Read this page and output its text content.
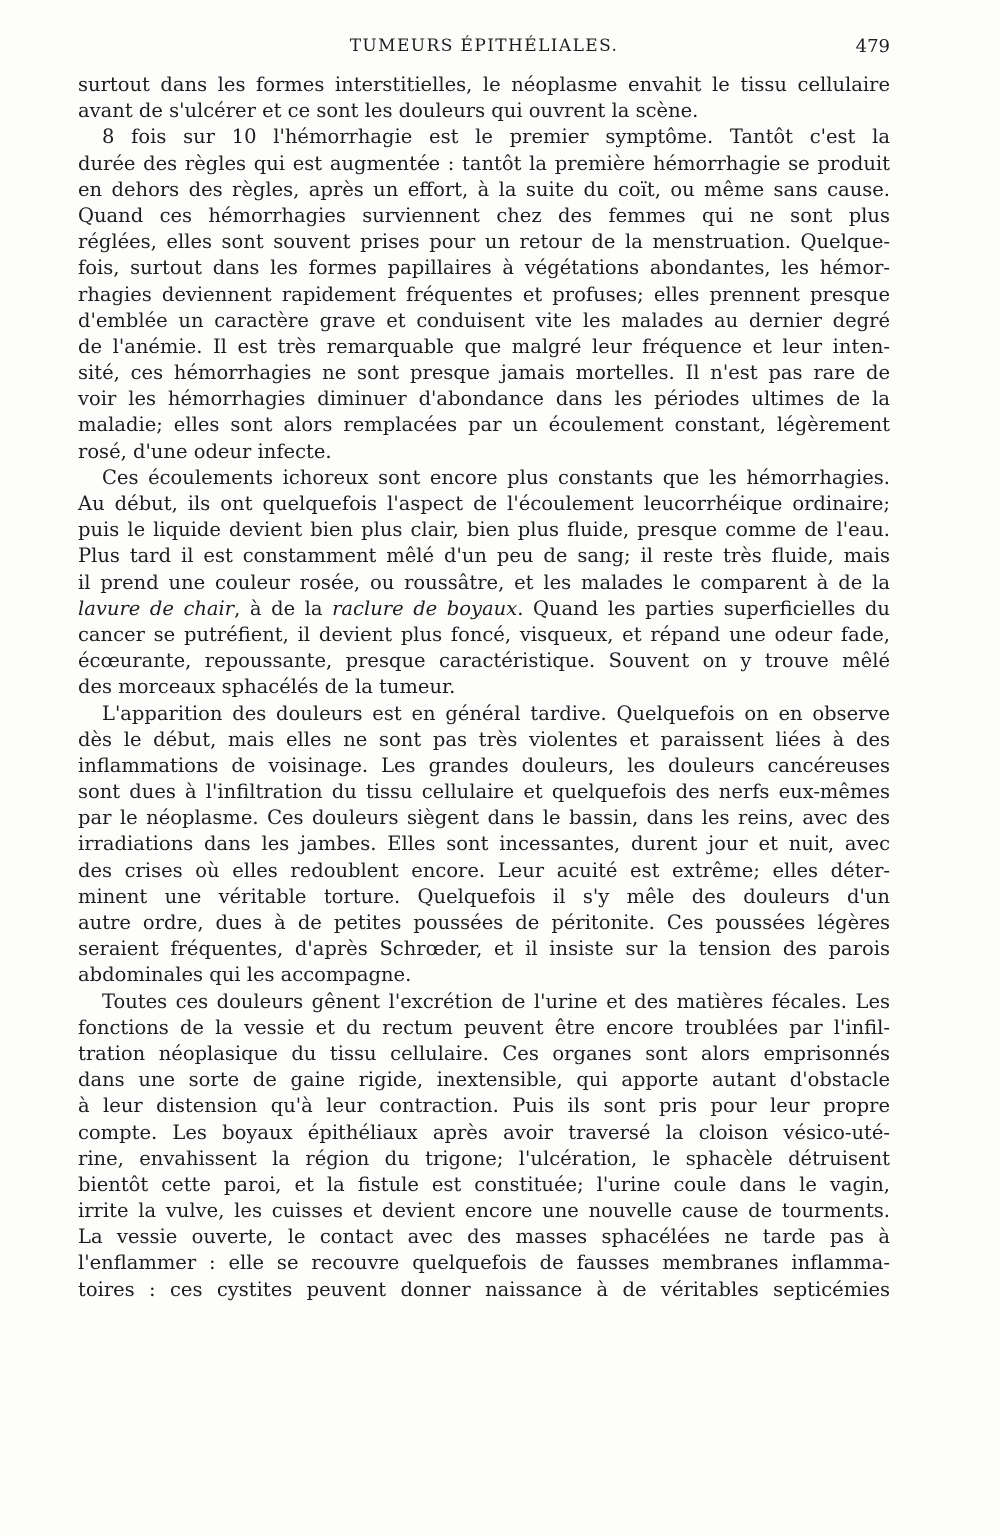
TUMEURS ÉPITHÉLIALES.	479
surtout dans les formes interstitielles, le néoplasme envahit le tissu cellulaire
avant de s'ulcérer et ce sont les douleurs qui ouvrent la scène.
8 fois sur 10 l'hémorrhagie est le premier symptôme. Tantôt c'est la
durée des règles qui est augmentée : tantôt la première hémorrhagie se produit
en dehors des règles, après un effort, à la suite du coït, ou même sans cause.
Quand ces hémorrhagies surviennent chez des femmes qui ne sont plus
réglées, elles sont souvent prises pour un retour de la menstruation. Quelque-
fois, surtout dans les formes papillaires à végétations abondantes, les hémor-
rhagies deviennent rapidement fréquentes et profuses; elles prennent presque
d'emblée un caractère grave et conduisent vite les malades au dernier degré
de l'anémie. Il est très remarquable que malgré leur fréquence et leur inten-
sité, ces hémorrhagies ne sont presque jamais mortelles. Il n'est pas rare de
voir les hémorrhagies diminuer d'abondance dans les périodes ultimes de la
maladie; elles sont alors remplacées par un écoulement constant, légèrement
rosé, d'une odeur infecte.
Ces écoulements ichoreux sont encore plus constants que les hémorrhagies.
Au début, ils ont quelquefois l'aspect de l'écoulement leucorrhéique ordinaire;
puis le liquide devient bien plus clair, bien plus fluide, presque comme de l'eau.
Plus tard il est constamment mêlé d'un peu de sang; il reste très fluide, mais
il prend une couleur rosée, ou roussâtre, et les malades le comparent à de la
lavure de chair, à de la raclure de boyaux. Quand les parties superficielles du
cancer se putréfient, il devient plus foncé, visqueux, et répand une odeur fade,
écœurante, repoussante, presque caractéristique. Souvent on y trouve mêlé
des morceaux sphacélés de la tumeur.
L'apparition des douleurs est en général tardive. Quelquefois on en observe
dès le début, mais elles ne sont pas très violentes et paraissent liées à des
inflammations de voisinage. Les grandes douleurs, les douleurs cancéreuses
sont dues à l'infiltration du tissu cellulaire et quelquefois des nerfs eux-mêmes
par le néoplasme. Ces douleurs siègent dans le bassin, dans les reins, avec des
irradiations dans les jambes. Elles sont incessantes, durent jour et nuit, avec
des crises où elles redoublent encore. Leur acuité est extrême; elles déter-
minent une véritable torture. Quelquefois il s'y mêle des douleurs d'un
autre ordre, dues à de petites poussées de péritonite. Ces poussées légères
seraient fréquentes, d'après Schrœder, et il insiste sur la tension des parois
abdominales qui les accompagne.
Toutes ces douleurs gênent l'excrétion de l'urine et des matières fécales. Les
fonctions de la vessie et du rectum peuvent être encore troublées par l'infil-
tration néoplasique du tissu cellulaire. Ces organes sont alors emprisonnés
dans une sorte de gaine rigide, inextensible, qui apporte autant d'obstacle
à leur distension qu'à leur contraction. Puis ils sont pris pour leur propre
compte. Les boyaux épithéliaux après avoir traversé la cloison vésico-uté-
rine, envahissent la région du trigone; l'ulcération, le sphacèle détruisent
bientôt cette paroi, et la fistule est constituée; l'urine coule dans le vagin,
irrite la vulve, les cuisses et devient encore une nouvelle cause de tourments.
La vessie ouverte, le contact avec des masses sphacélées ne tarde pas à
l'enflammer : elle se recouvre quelquefois de fausses membranes inflamma-
toires : ces cystites peuvent donner naissance à de véritables septicémies
